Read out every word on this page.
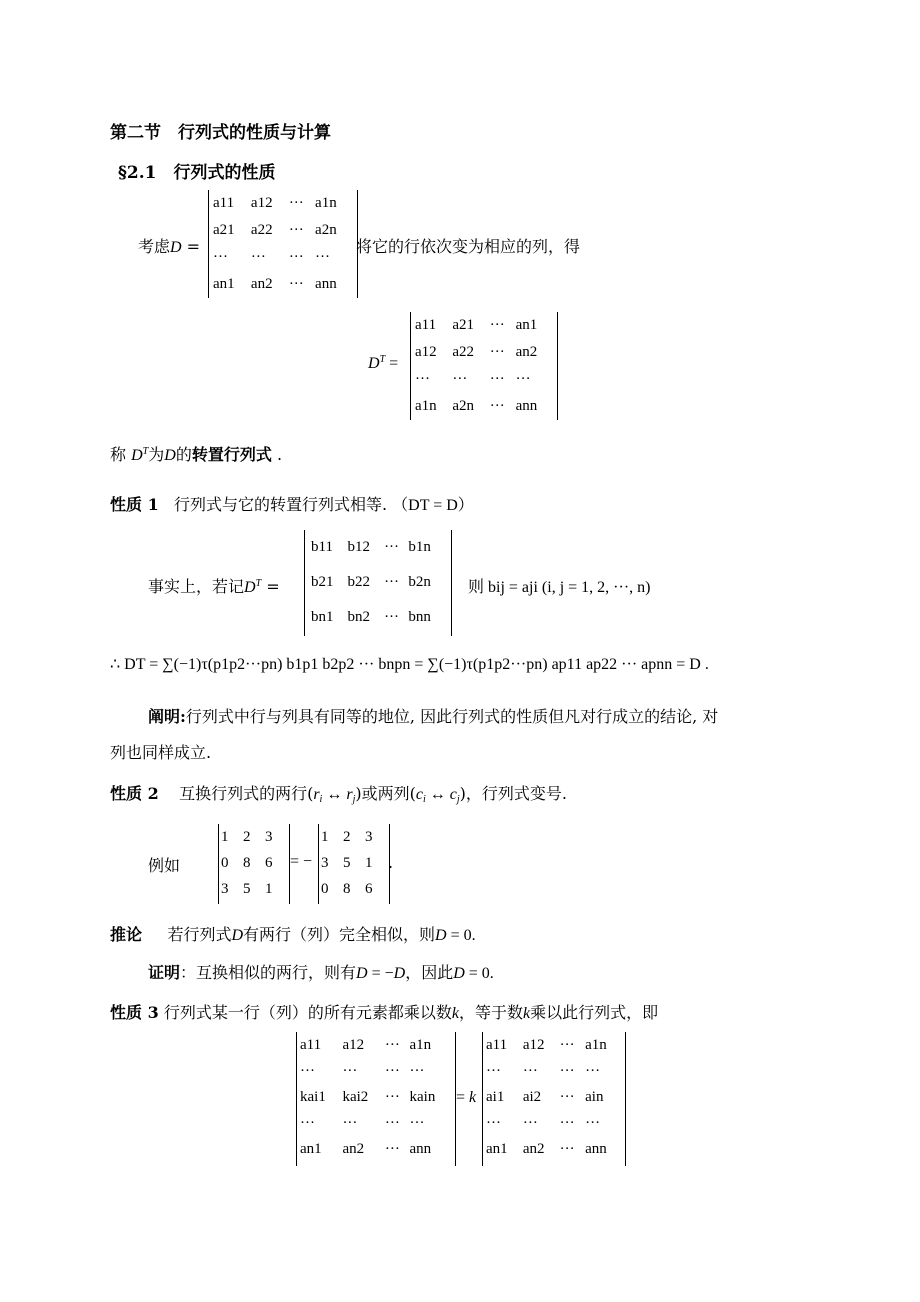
第二节　行列式的性质与计算
§2.1　行列式的性质
考虑D =
a11	a12	···	a1n
a21	a22	···	a2n
···	···	···	···
an1	an2	···	ann
将它的行依次变为相应的列，得
$D^T$ =
a11	a21	···	an1
a12	a22	···	an2
···	···	···	···
a1n	a2n	···	ann
称 $D^T$为D的转置行列式 .
性质 1 行列式与它的转置行列式相等. （DT = D）
事实上，若记$D^T$ =
b11	b12	···	b1n
b21	b22	···	b2n
bn1	bn2	···	bnn
则 bij = aji (i, j = 1, 2, ···, n)
∴ DT = ∑(−1)τ(p1p2···pn) b1p1 b2p2 ··· bnpn = ∑(−1)τ(p1p2···pn) ap11 ap22 ··· apnn = D .
阐明:行列式中行与列具有同等的地位, 因此行列式的性质但凡对行成立的结论, 对
列也同样成立.
性质 2 互换行列式的两行($r_i$ ↔ $r_j$)或两列($c_i$ ↔ $c_j$)，行列式变号.
例如
1	2	3
0	8	6
3	5	1
= −
1	2	3
3	5	1
0	8	6
.
推论 若行列式D有两行（列）完全相似，则D = 0.
证明：互换相似的两行，则有D = −D，因此D = 0.
性质 3 行列式某一行（列）的所有元素都乘以数k，等于数k乘以此行列式，即
a11	a12	···	a1n
···	···	···	···
kai1	kai2	···	kain
···	···	···	···
an1	an2	···	ann
= k
a11	a12	···	a1n
···	···	···	···
ai1	ai2	···	ain
···	···	···	···
an1	an2	···	ann
